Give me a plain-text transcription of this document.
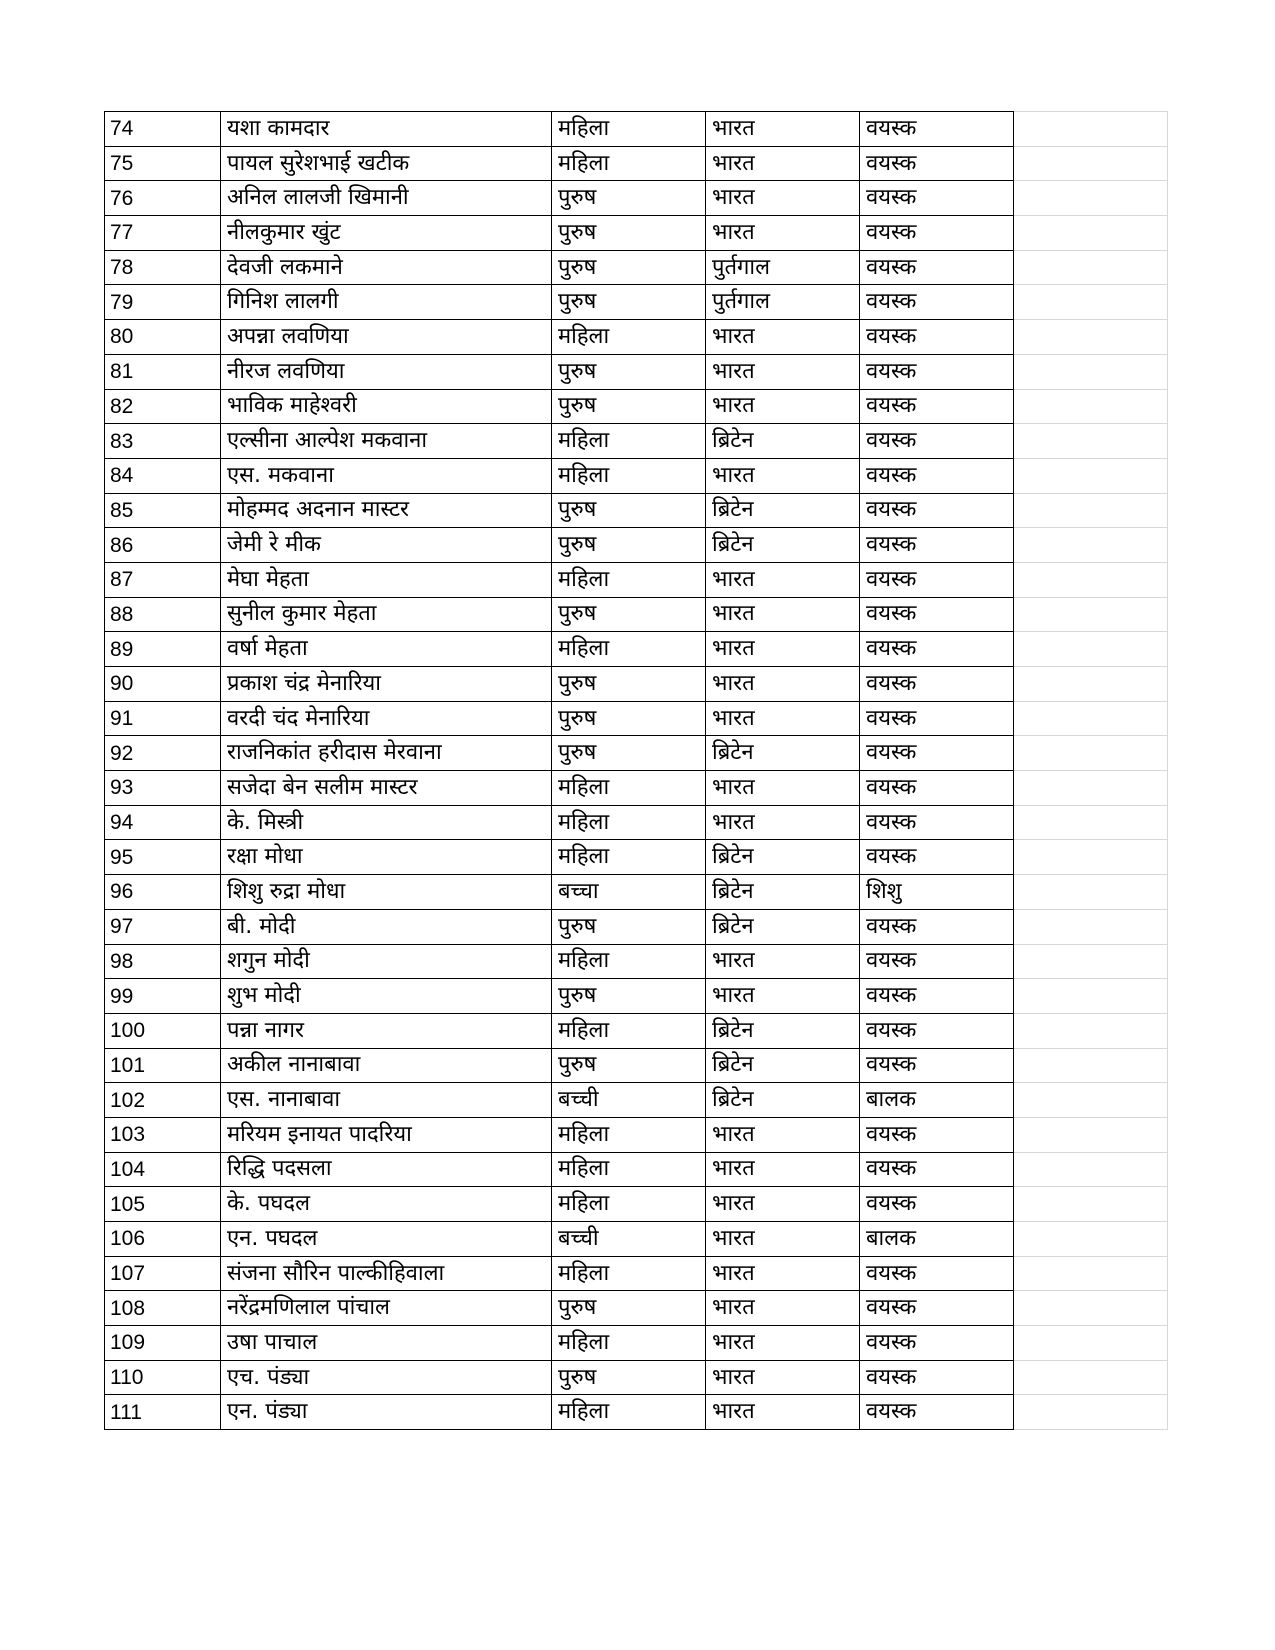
74	यशा कामदार	महिला	भारत	वयस्क	
75	पायल सुरेशभाई खटीक	महिला	भारत	वयस्क	
76	अनिल लालजी खिमानी	पुरुष	भारत	वयस्क	
77	नीलकुमार खुंट	पुरुष	भारत	वयस्क	
78	देवजी लकमाने	पुरुष	पुर्तगाल	वयस्क	
79	गिनिश लालगी	पुरुष	पुर्तगाल	वयस्क	
80	अपन्ना लवणिया	महिला	भारत	वयस्क	
81	नीरज लवणिया	पुरुष	भारत	वयस्क	
82	भाविक माहेश्वरी	पुरुष	भारत	वयस्क	
83	एल्सीना आल्पेश मकवाना	महिला	ब्रिटेन	वयस्क	
84	एस. मकवाना	महिला	भारत	वयस्क	
85	मोहम्मद अदनान मास्टर	पुरुष	ब्रिटेन	वयस्क	
86	जेमी रे मीक	पुरुष	ब्रिटेन	वयस्क	
87	मेघा मेहता	महिला	भारत	वयस्क	
88	सुनील कुमार मेहता	पुरुष	भारत	वयस्क	
89	वर्षा मेहता	महिला	भारत	वयस्क	
90	प्रकाश चंद्र मेनारिया	पुरुष	भारत	वयस्क	
91	वरदी चंद मेनारिया	पुरुष	भारत	वयस्क	
92	राजनिकांत हरीदास मेरवाना	पुरुष	ब्रिटेन	वयस्क	
93	सजेदा बेन सलीम मास्टर	महिला	भारत	वयस्क	
94	के. मिस्त्री	महिला	भारत	वयस्क	
95	रक्षा मोधा	महिला	ब्रिटेन	वयस्क	
96	शिशु रुद्रा मोधा	बच्चा	ब्रिटेन	शिशु	
97	बी. मोदी	पुरुष	ब्रिटेन	वयस्क	
98	शगुन मोदी	महिला	भारत	वयस्क	
99	शुभ मोदी	पुरुष	भारत	वयस्क	
100	पन्ना नागर	महिला	ब्रिटेन	वयस्क	
101	अकील नानाबावा	पुरुष	ब्रिटेन	वयस्क	
102	एस. नानाबावा	बच्ची	ब्रिटेन	बालक	
103	मरियम इनायत पादरिया	महिला	भारत	वयस्क	
104	रिद्धि पदसला	महिला	भारत	वयस्क	
105	के. पघदल	महिला	भारत	वयस्क	
106	एन. पघदल	बच्ची	भारत	बालक	
107	संजना सौरिन पाल्कीहिवाला	महिला	भारत	वयस्क	
108	नरेंद्रमणिलाल पांचाल	पुरुष	भारत	वयस्क	
109	उषा पाचाल	महिला	भारत	वयस्क	
110	एच. पंड्या	पुरुष	भारत	वयस्क	
111	एन. पंड्या	महिला	भारत	वयस्क	
